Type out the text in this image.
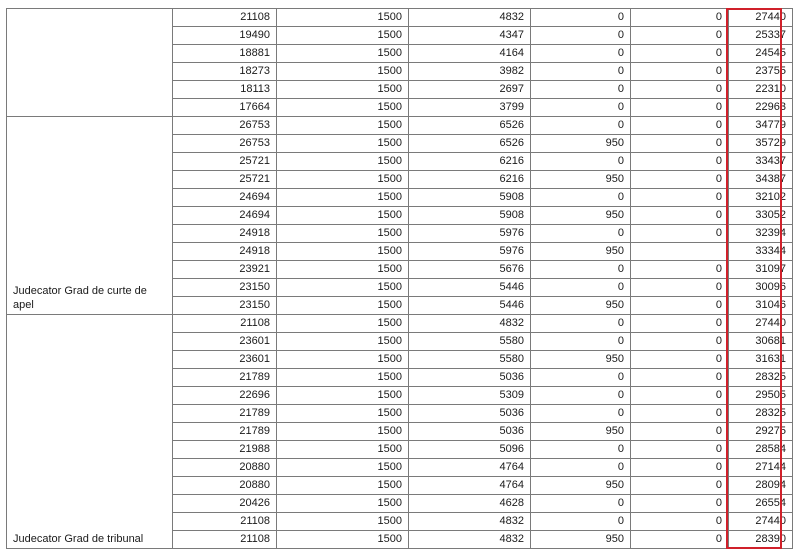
	21108	1500	4832	0	0	27440
	19490	1500	4347	0	0	25337
	18881	1500	4164	0	0	24545
	18273	1500	3982	0	0	23755
	18113	1500	2697	0	0	22310
	17664	1500	3799	0	0	22963
Judecator Grad de curte de apel	26753	1500	6526	0	0	34779
	26753	1500	6526	950	0	35729
	25721	1500	6216	0	0	33437
	25721	1500	6216	950	0	34387
	24694	1500	5908	0	0	32102
	24694	1500	5908	950	0	33052
	24918	1500	5976	0	0	32394
	24918	1500	5976	950		33344
	23921	1500	5676	0	0	31097
	23150	1500	5446	0	0	30096
	23150	1500	5446	950	0	31046
Judecator Grad de tribunal	21108	1500	4832	0	0	27440
	23601	1500	5580	0	0	30681
	23601	1500	5580	950	0	31631
	21789	1500	5036	0	0	28325
	22696	1500	5309	0	0	29505
	21789	1500	5036	0	0	28325
	21789	1500	5036	950	0	29275
	21988	1500	5096	0	0	28584
	20880	1500	4764	0	0	27144
	20880	1500	4764	950	0	28094
	20426	1500	4628	0	0	26554
	21108	1500	4832	0	0	27440
	21108	1500	4832	950	0	28390
